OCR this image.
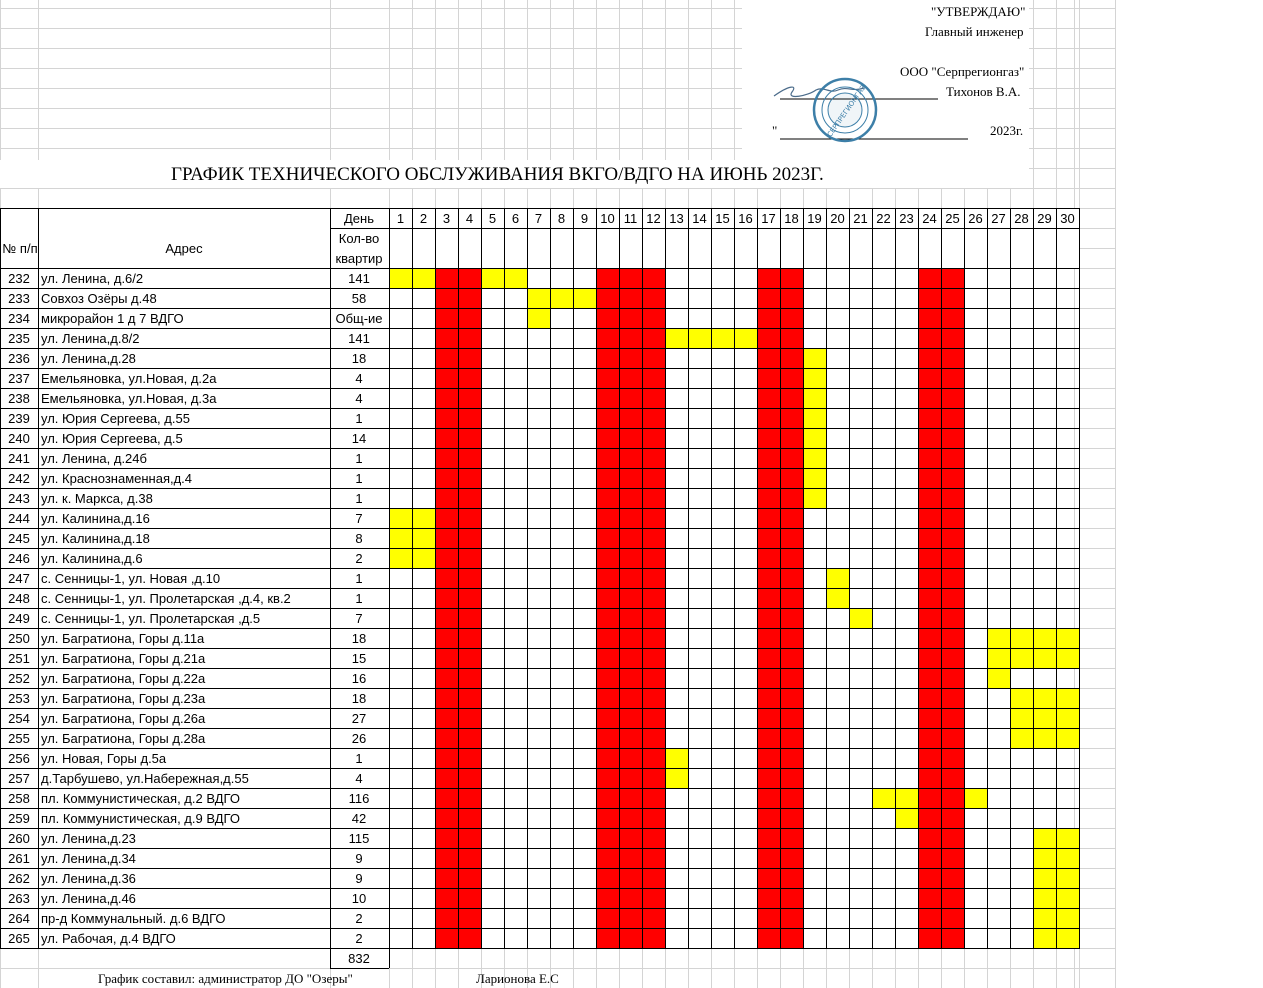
"УТВЕРЖДАЮ"
Главный инженер
ООО "Серпрегионгаз"
Тихонов В.А.
"	2023г.
СЕРПРЕГИОНГАЗ
ГРАФИК ТЕХНИЧЕСКОГО ОБСЛУЖИВАНИЯ ВКГО/ВДГО НА ИЮНЬ 2023Г.
№ п/п	Адрес
День
Кол-во
квартир
1 2 3 4 5 6 7 8 9 10 11 12 13 14 15 16 17 18 19 20 21 22 23 24 25 26 27 28 29 30
232 ул. Ленина, д.6/2	141
233 Совхоз Озёры д.48	58
234 микрорайон 1 д 7 ВДГО	Общ-ие
235 ул. Ленина,д.8/2	141
236 ул. Ленина,д.28	18
237 Емельяновка, ул.Новая, д.2а	4
238 Емельяновка, ул.Новая, д.3а	4
239 ул. Юрия Сергеева, д.55	1
240 ул. Юрия Сергеева, д.5	14
241 ул. Ленина, д.24б	1
242 ул. Краснознаменная,д.4	1
243 ул. к. Маркса, д.38	1
244 ул. Калинина,д.16	7
245 ул. Калинина,д.18	8
246 ул. Калинина,д.6	2
247 с. Сенницы-1, ул. Новая ,д.10	1
248 с. Сенницы-1, ул. Пролетарская ,д.4, кв.2	1
249 с. Сенницы-1, ул. Пролетарская ,д.5	7
250 ул. Багратиона, Горы д.11а	18
251 ул. Багратиона, Горы д.21а	15
252 ул. Багратиона, Горы д.22а	16
253 ул. Багратиона, Горы д.23а	18
254 ул. Багратиона, Горы д.26а	27
255 ул. Багратиона, Горы д.28а	26
256 ул. Новая, Горы д.5а	1
257 д.Тарбушево, ул.Набережная,д.55	4
258 пл. Коммунистическая, д.2 ВДГО	116
259 пл. Коммунистическая, д.9 ВДГО	42
260 ул. Ленина,д.23	115
261 ул. Ленина,д.34	9
262 ул. Ленина,д.36	9
263 ул. Ленина,д.46	10
264 пр-д Коммунальный. д.6 ВДГО	2
265 ул. Рабочая, д.4 ВДГО	2
832
График составил: администратор ДО "Озеры"	Ларионова Е.С
